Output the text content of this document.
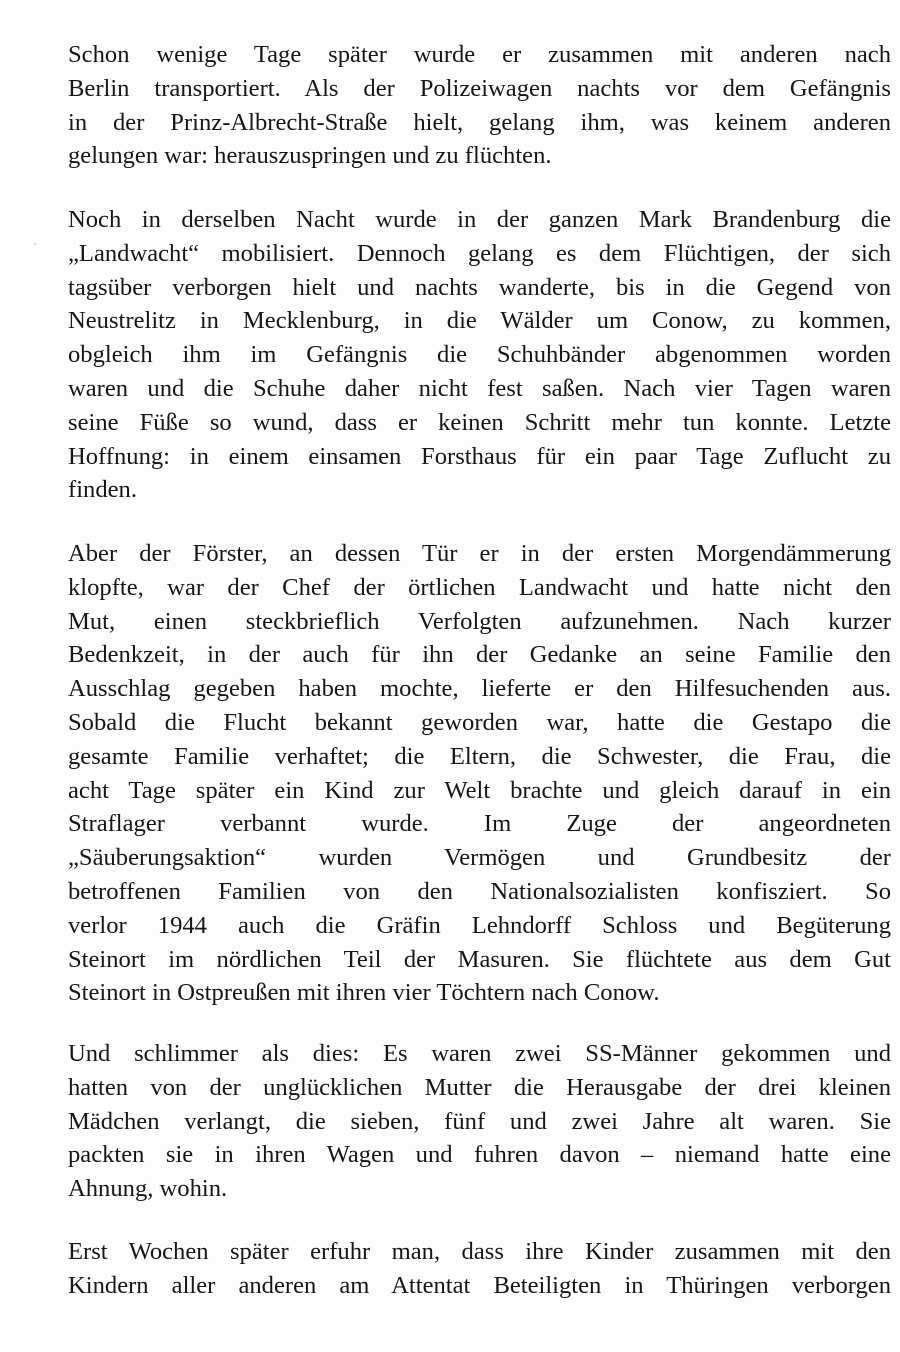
Schon wenige Tage später wurde er zusammen mit anderen nach
Berlin transportiert. Als der Polizeiwagen nachts vor dem Gefängnis
in der Prinz-Albrecht-Straße hielt, gelang ihm, was keinem anderen
gelungen war: herauszuspringen und zu flüchten.
Noch in derselben Nacht wurde in der ganzen Mark Brandenburg die
„Landwacht“ mobilisiert. Dennoch gelang es dem Flüchtigen, der sich
tagsüber verborgen hielt und nachts wanderte, bis in die Gegend von
Neustrelitz in Mecklenburg, in die Wälder um Conow, zu kommen,
obgleich ihm im Gefängnis die Schuhbänder abgenommen worden
waren und die Schuhe daher nicht fest saßen. Nach vier Tagen waren
seine Füße so wund, dass er keinen Schritt mehr tun konnte. Letzte
Hoffnung: in einem einsamen Forsthaus für ein paar Tage Zuflucht zu
finden.
Aber der Förster, an dessen Tür er in der ersten Morgendämmerung
klopfte, war der Chef der örtlichen Landwacht und hatte nicht den
Mut, einen steckbrieflich Verfolgten aufzunehmen. Nach kurzer
Bedenkzeit, in der auch für ihn der Gedanke an seine Familie den
Ausschlag gegeben haben mochte, lieferte er den Hilfesuchenden aus.
Sobald die Flucht bekannt geworden war, hatte die Gestapo die
gesamte Familie verhaftet; die Eltern, die Schwester, die Frau, die
acht Tage später ein Kind zur Welt brachte und gleich darauf in ein
Straflager verbannt wurde. Im Zuge der angeordneten
„Säuberungsaktion“ wurden Vermögen und Grundbesitz der
betroffenen Familien von den Nationalsozialisten konfisziert. So
verlor 1944 auch die Gräfin Lehndorff Schloss und Begüterung
Steinort im nördlichen Teil der Masuren. Sie flüchtete aus dem Gut
Steinort in Ostpreußen mit ihren vier Töchtern nach Conow.
Und schlimmer als dies: Es waren zwei SS-Männer gekommen und
hatten von der unglücklichen Mutter die Herausgabe der drei kleinen
Mädchen verlangt, die sieben, fünf und zwei Jahre alt waren. Sie
packten sie in ihren Wagen und fuhren davon – niemand hatte eine
Ahnung, wohin.
Erst Wochen später erfuhr man, dass ihre Kinder zusammen mit den
Kindern aller anderen am Attentat Beteiligten in Thüringen verborgen
